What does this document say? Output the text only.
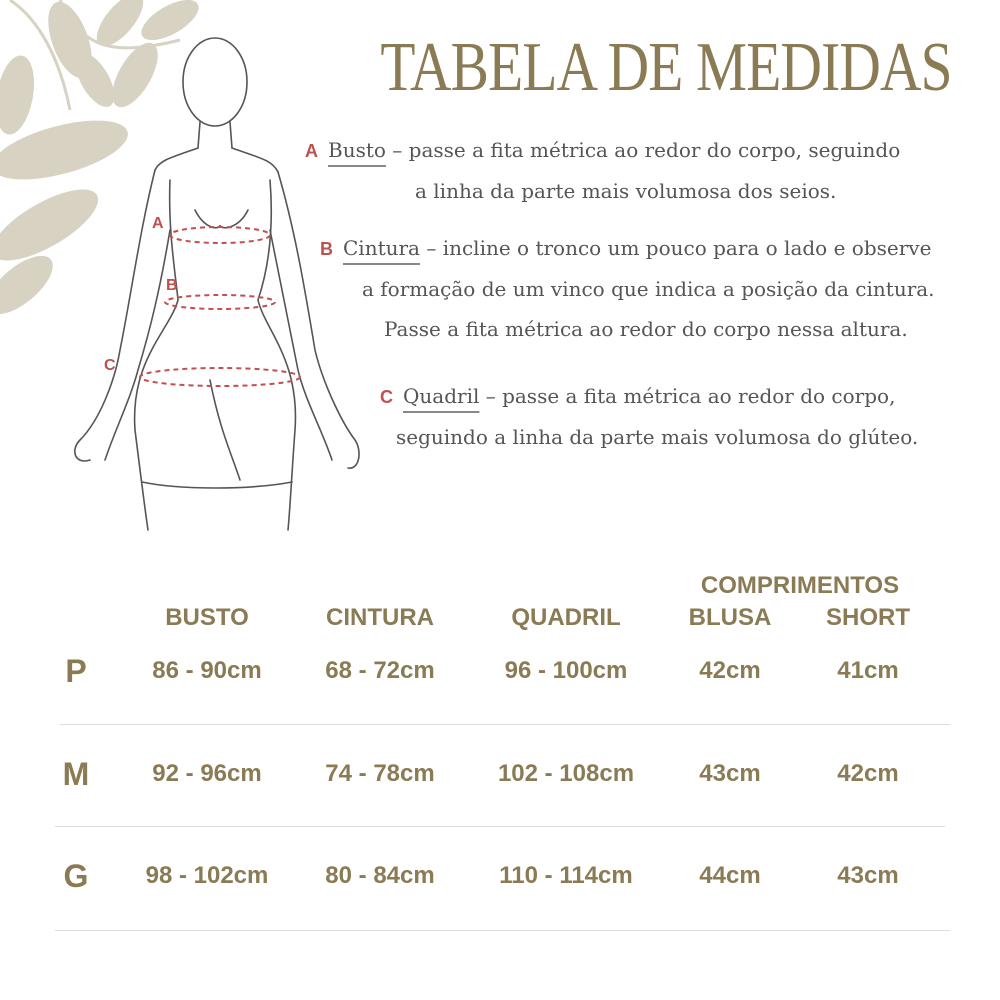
A
B
C
TABELA DE MEDIDAS
A Busto – passe a fita métrica ao redor do corpo, seguindo
a linha da parte mais volumosa dos seios.
B Cintura – incline o tronco um pouco para o lado e observe
a formação de um vinco que indica a posição da cintura.
Passe a fita métrica ao redor do corpo nessa altura.
C Quadril – passe a fita métrica ao redor do corpo,
seguindo a linha da parte mais volumosa do glúteo.
COMPRIMENTOS
BUSTO	CINTURA	QUADRIL	BLUSA	SHORT
P	86 - 90cm	68 - 72cm	96 - 100cm	42cm	41cm
M	92 - 96cm	74 - 78cm	102 - 108cm	43cm	42cm
G	98 - 102cm	80 - 84cm	110 - 114cm	44cm	43cm
